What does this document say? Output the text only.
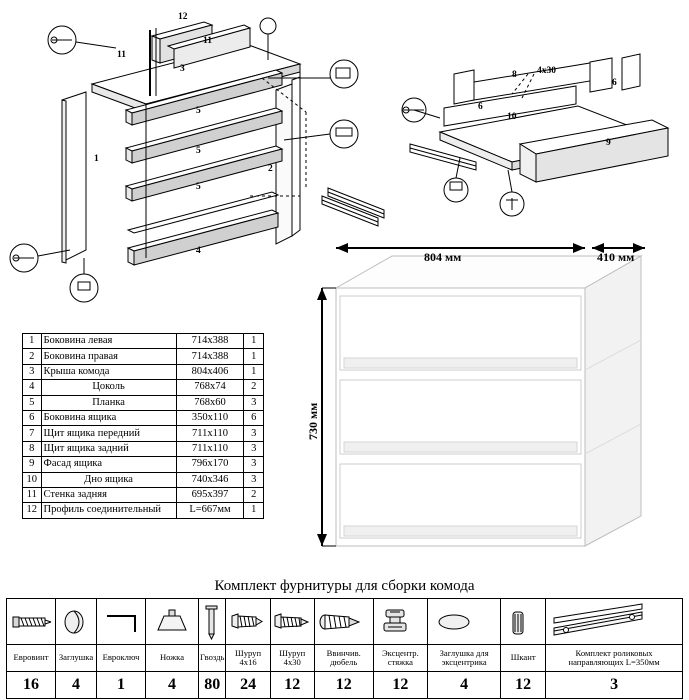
12
11
11
3
5
5
5
1
2
4
8 4х30
6
6
10
9
1	Боковина левая	714х388	1
2	Боковина правая	714х388	1
3	Крыша комода	804х406	1
4	Цоколь	768х74	2
5	Планка	768х60	3
6	Боковина ящика	350х110	6
7	Щит ящика передний	711х110	3
8	Щит ящика задний	711х110	3
9	Фасад ящика	796х170	3
10	Дно ящика	740х346	3
11	Стенка задняя	695х397	2
12	Профиль соединительный	L=667мм	1
804 мм	410 мм
730 мм
Комплект фурнитуры для сборки комода

Евровинт	Заглушка	Евроключ	Ножка	Гвоздь	Шуруп 4х16	Шуруп 4х30	Ввинчив. дюбель	Эксцентр. стяжка	Заглушка для эксцентрика	Шкант	Комплект роликовых направляющих L=350мм
16	4	1	4	80	24	12	12	12	4	12	3
